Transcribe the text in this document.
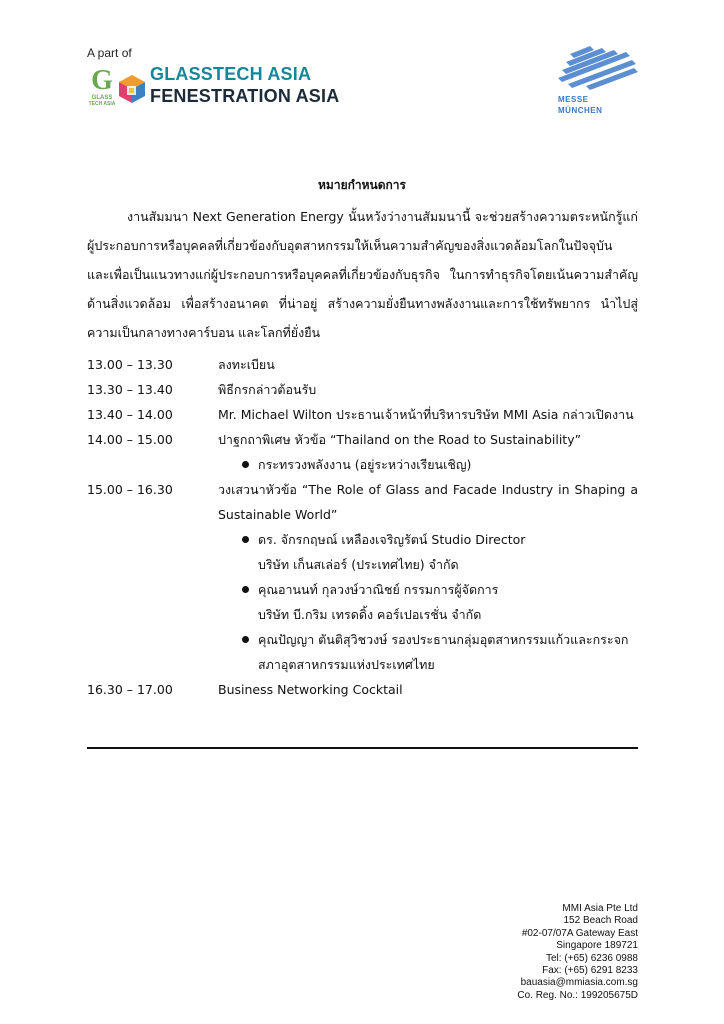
A part of
G
GLASS
TECH ASIA
GLASSTECH ASIA
FENESTRATION ASIA	MESSE
MÜNCHEN
หมายกำหนดการ
งานสัมมนา Next Generation Energy นั้นหวังว่างานสัมมนานี้ จะช่วยสร้างความตระหนักรู้แก่ผู้ประกอบการหรือบุคคลที่เกี่ยวข้องกับอุตสาหกรรมให้เห็นความสำคัญของสิ่งแวดล้อมโลกในปัจจุบัน และเพื่อเป็นแนวทางแก่ผู้ประกอบการหรือบุคคลที่เกี่ยวข้องกับธุรกิจ ในการทำธุรกิจโดยเน้นความสำคัญด้านสิ่งแวดล้อม เพื่อสร้างอนาคต ที่น่าอยู่ สร้างความยั่งยืนทางพลังงานและการใช้ทรัพยากร นำไปสู่ความเป็นกลางทางคาร์บอน และโลกที่ยั่งยืน
13.00 – 13.30	ลงทะเบียน
13.30 – 13.40	พิธีกรกล่าวต้อนรับ
13.40 – 14.00	Mr. Michael Wilton ประธานเจ้าหน้าที่บริหารบริษัท MMI Asia กล่าวเปิดงาน
14.00 – 15.00	ปาฐกถาพิเศษ หัวข้อ “Thailand on the Road to Sustainability”
กระทรวงพลังงาน (อยู่ระหว่างเรียนเชิญ)
15.00 – 16.30	วงเสวนาหัวข้อ “The Role of Glass and Facade Industry in Shaping a Sustainable World”
ดร. จักรกฤษณ์ เหลืองเจริญรัตน์ Studio Director
บริษัท เก็นสเล่อร์ (ประเทศไทย) จำกัด
คุณอานนท์ กุลวงษ์วาณิชย์ กรรมการผู้จัดการ
บริษัท บี.กริม เทรดดิ้ง คอร์เปอเรชั่น จำกัด
คุณปัญญา ตันติสุวิชวงษ์ รองประธานกลุ่มอุตสาหกรรมแก้วและกระจก
สภาอุตสาหกรรมแห่งประเทศไทย
16.30 – 17.00	Business Networking Cocktail
MMI Asia Pte Ltd
152 Beach Road
#02-07/07A Gateway East
Singapore 189721
Tel: (+65) 6236 0988
Fax: (+65) 6291 8233
bauasia@mmiasia.com.sg
Co. Reg. No.: 199205675D
